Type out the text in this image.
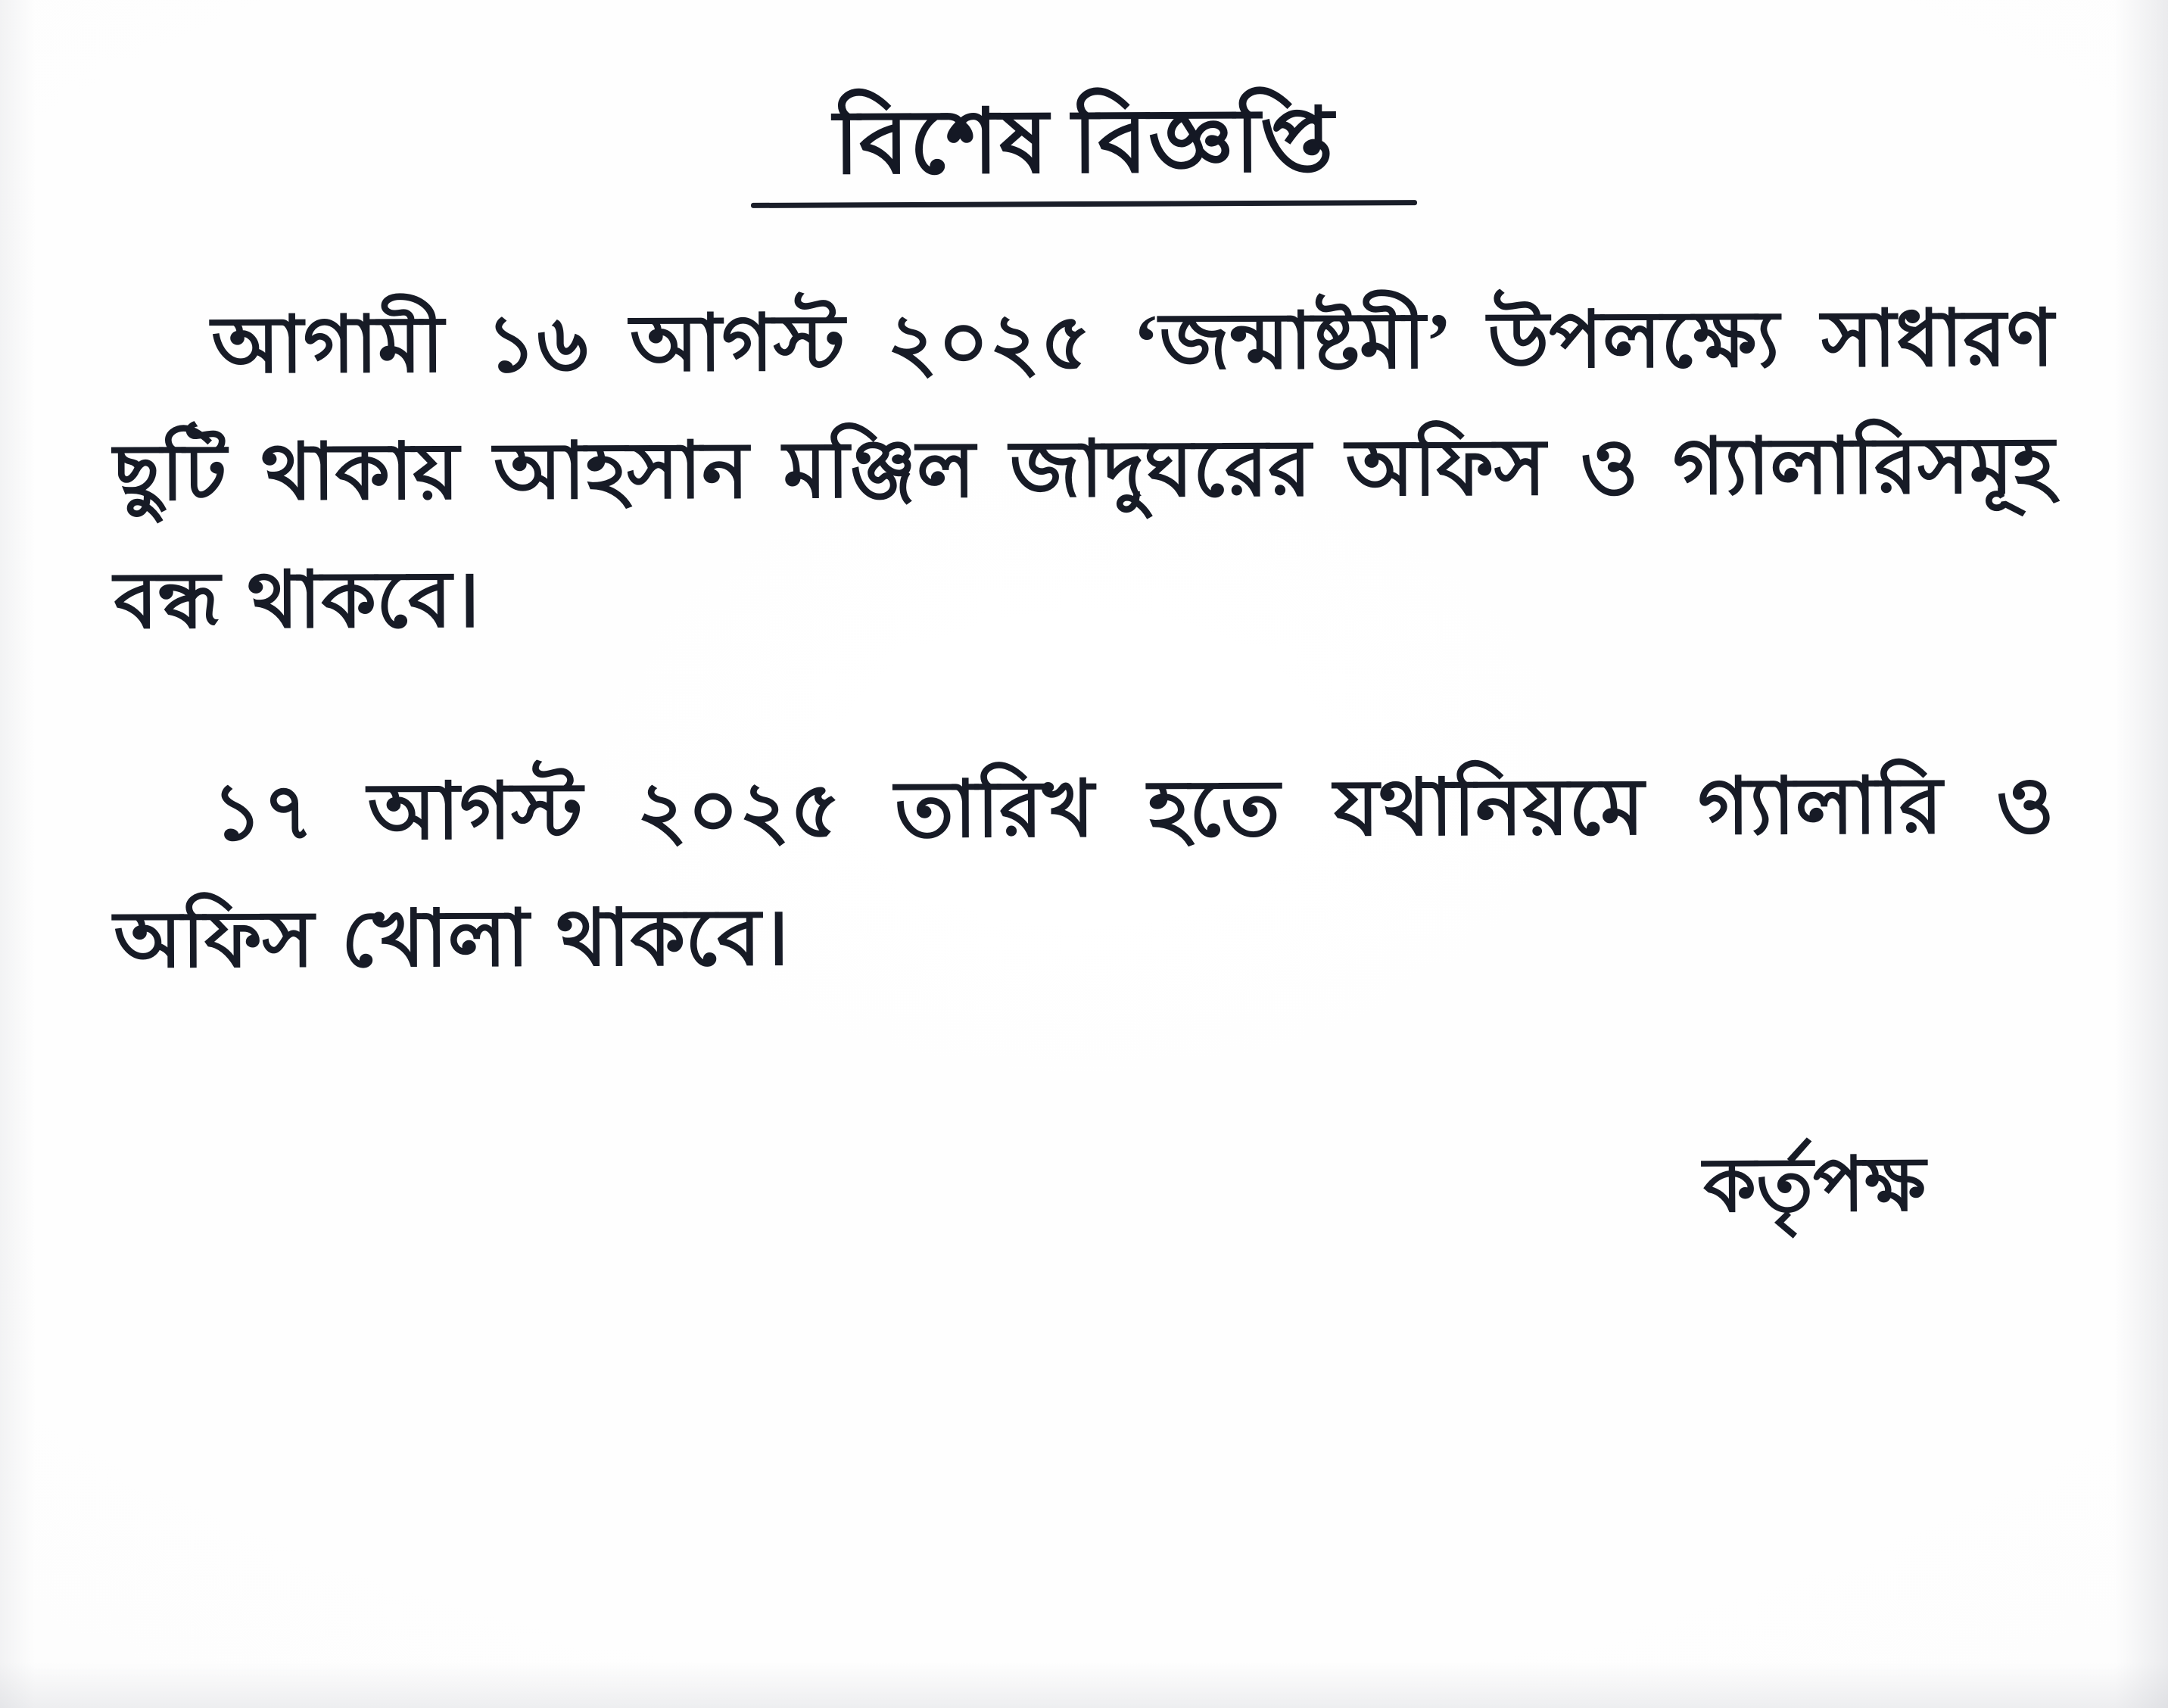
বিশেষ বিজ্ঞপ্তি

আগামী ১৬ আগস্ট ২০২৫ ‘জন্মাষ্টমী’ উপলক্ষ্যে সাধারণ ছুটি থাকায় আহসান মঞ্জিল জাদুঘরের অফিস ও গ্যালারিসমূহ বন্ধ থাকবে।

১৭ আগস্ট ২০২৫ তারিখ হতে যথানিয়মে গ্যালারি ও অফিস খোলা থাকবে।

কর্তৃপক্ষ
